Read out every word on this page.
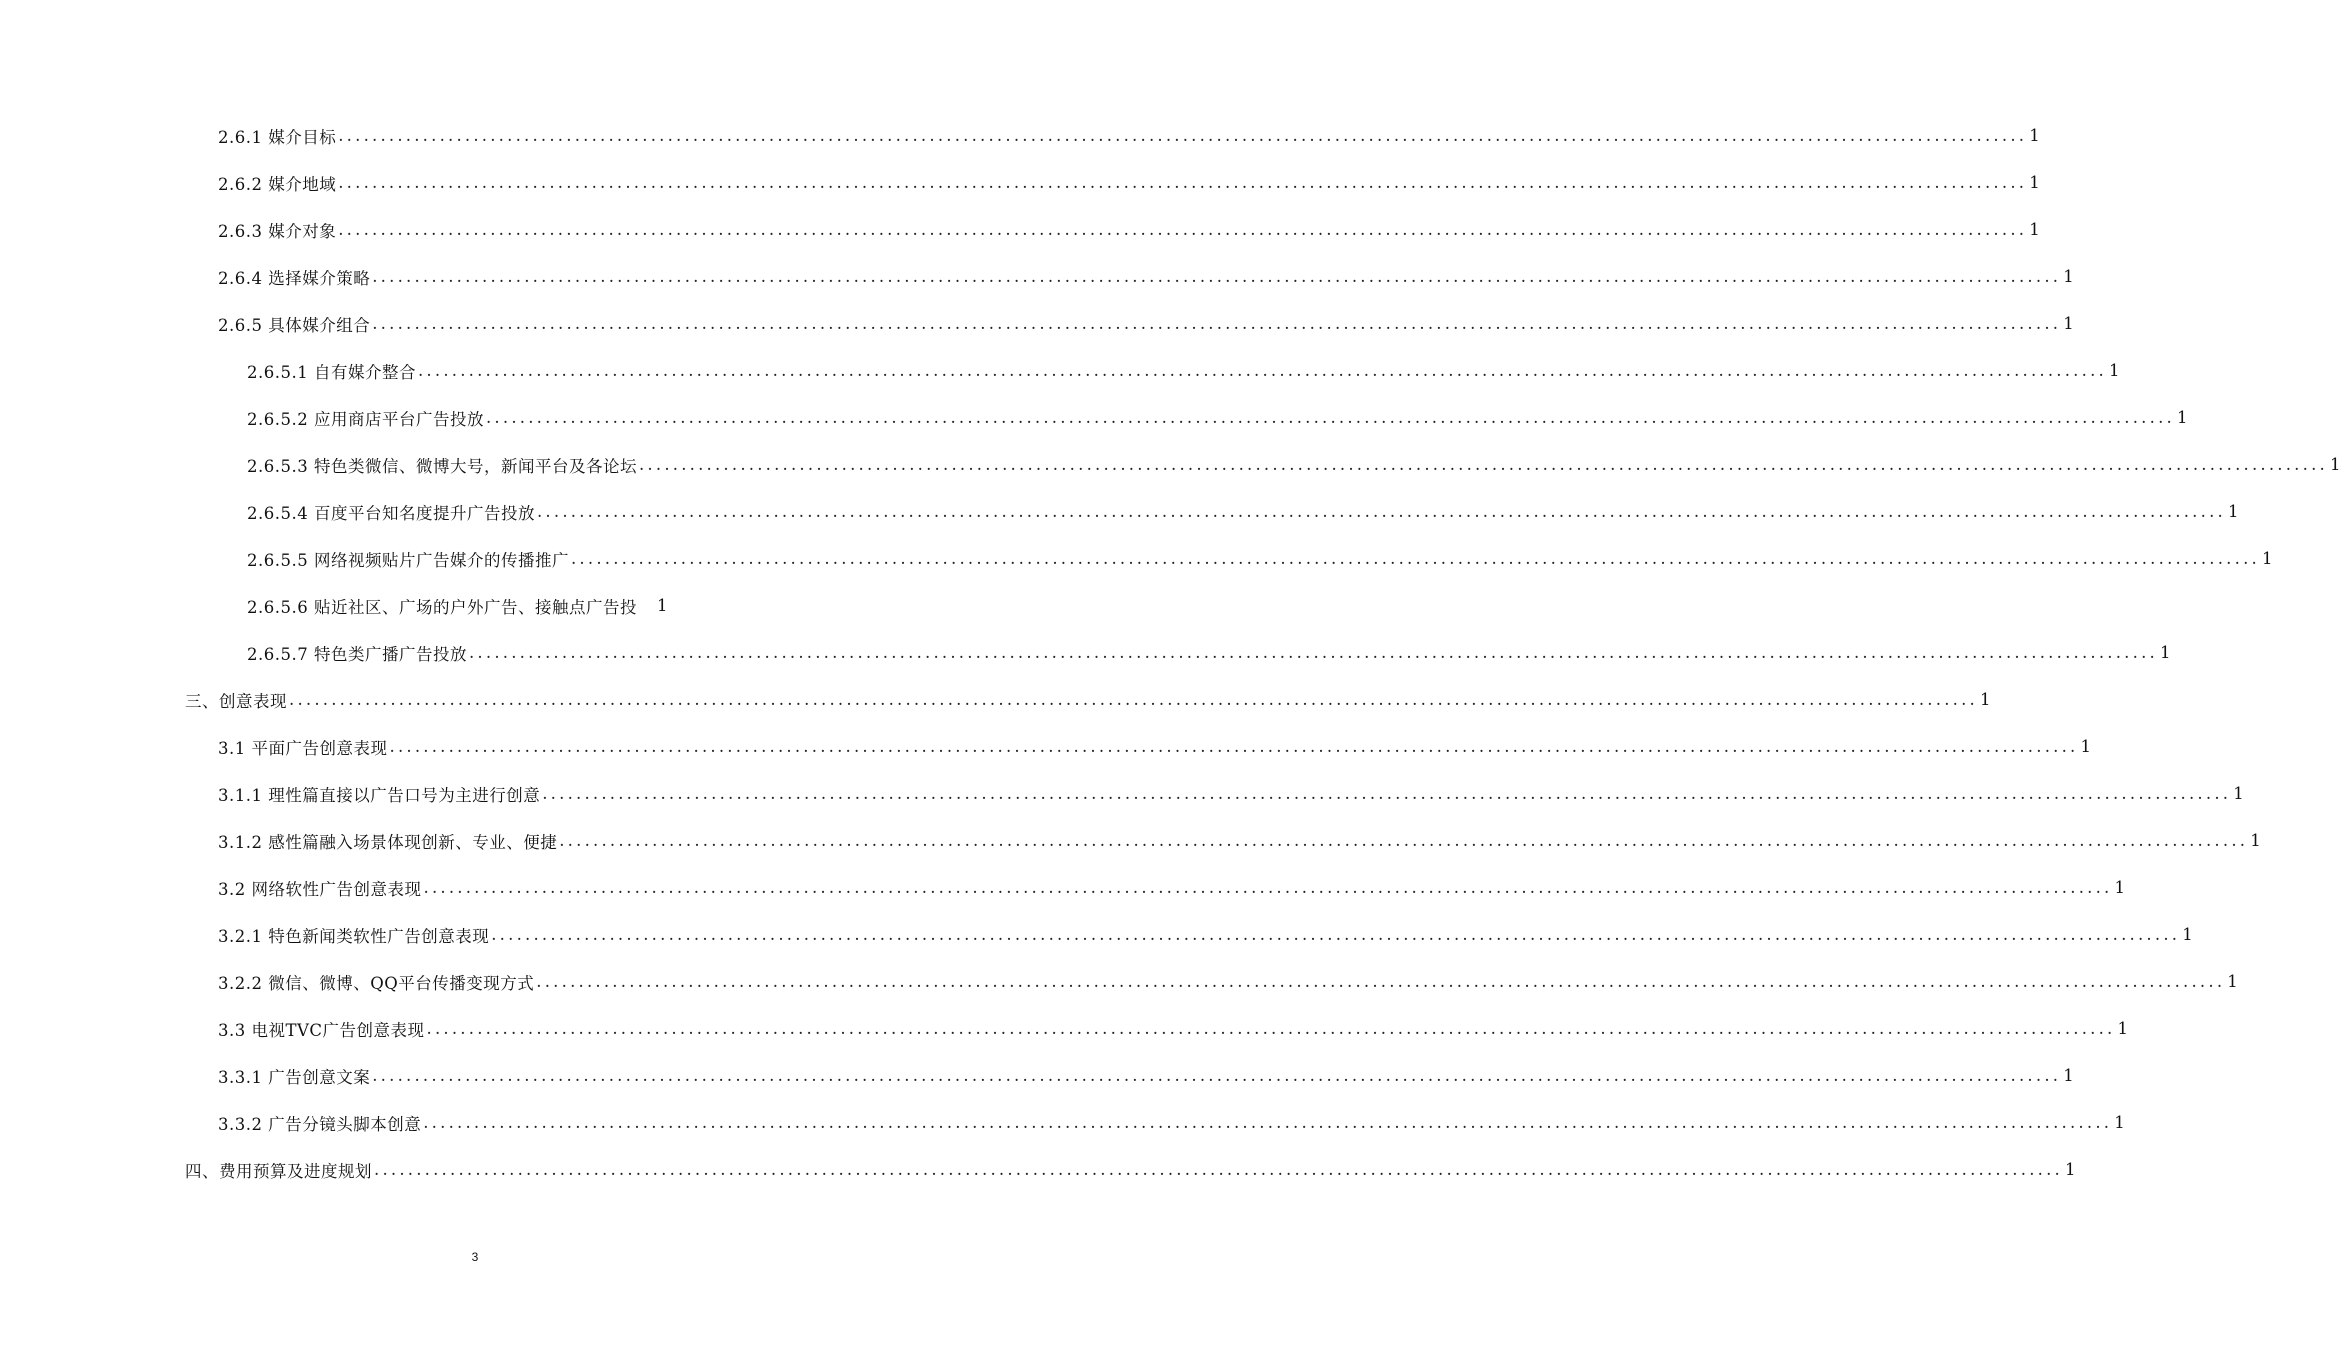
2.6.1 媒介目标 ........................................................................................................................................................................................................ 1
2.6.2 媒介地域 ........................................................................................................................................................................................................ 1
2.6.3 媒介对象 ........................................................................................................................................................................................................ 1
2.6.4 选择媒介策略 ........................................................................................................................................................................................................ 1
2.6.5 具体媒介组合 ........................................................................................................................................................................................................ 1
2.6.5.1 自有媒介整合 ........................................................................................................................................................................................................ 1
2.6.5.2 应用商店平台广告投放 ........................................................................................................................................................................................................ 1
2.6.5.3 特色类微信、微博大号，新闻平台及各论坛 ........................................................................................................................................................................................................ 1
2.6.5.4 百度平台知名度提升广告投放 ........................................................................................................................................................................................................ 1
2.6.5.5 网络视频贴片广告媒介的传播推广 ........................................................................................................................................................................................................ 1
2.6.5.6 贴近社区、广场的户外广告、接触点广告投 1
2.6.5.7 特色类广播广告投放 ........................................................................................................................................................................................................ 1
三、创意表现 ........................................................................................................................................................................................................ 1
3.1 平面广告创意表现 ........................................................................................................................................................................................................ 1
3.1.1 理性篇直接以广告口号为主进行创意 ........................................................................................................................................................................................................ 1
3.1.2 感性篇融入场景体现创新、专业、便捷 ........................................................................................................................................................................................................ 1
3.2 网络软性广告创意表现 ........................................................................................................................................................................................................ 1
3.2.1 特色新闻类软性广告创意表现 ........................................................................................................................................................................................................ 1
3.2.2 微信、微博、QQ平台传播变现方式 ........................................................................................................................................................................................................ 1
3.3 电视TVC广告创意表现 ........................................................................................................................................................................................................ 1
3.3.1 广告创意文案 ........................................................................................................................................................................................................ 1
3.3.2 广告分镜头脚本创意 ........................................................................................................................................................................................................ 1
四、费用预算及进度规划 ........................................................................................................................................................................................................ 1
3
